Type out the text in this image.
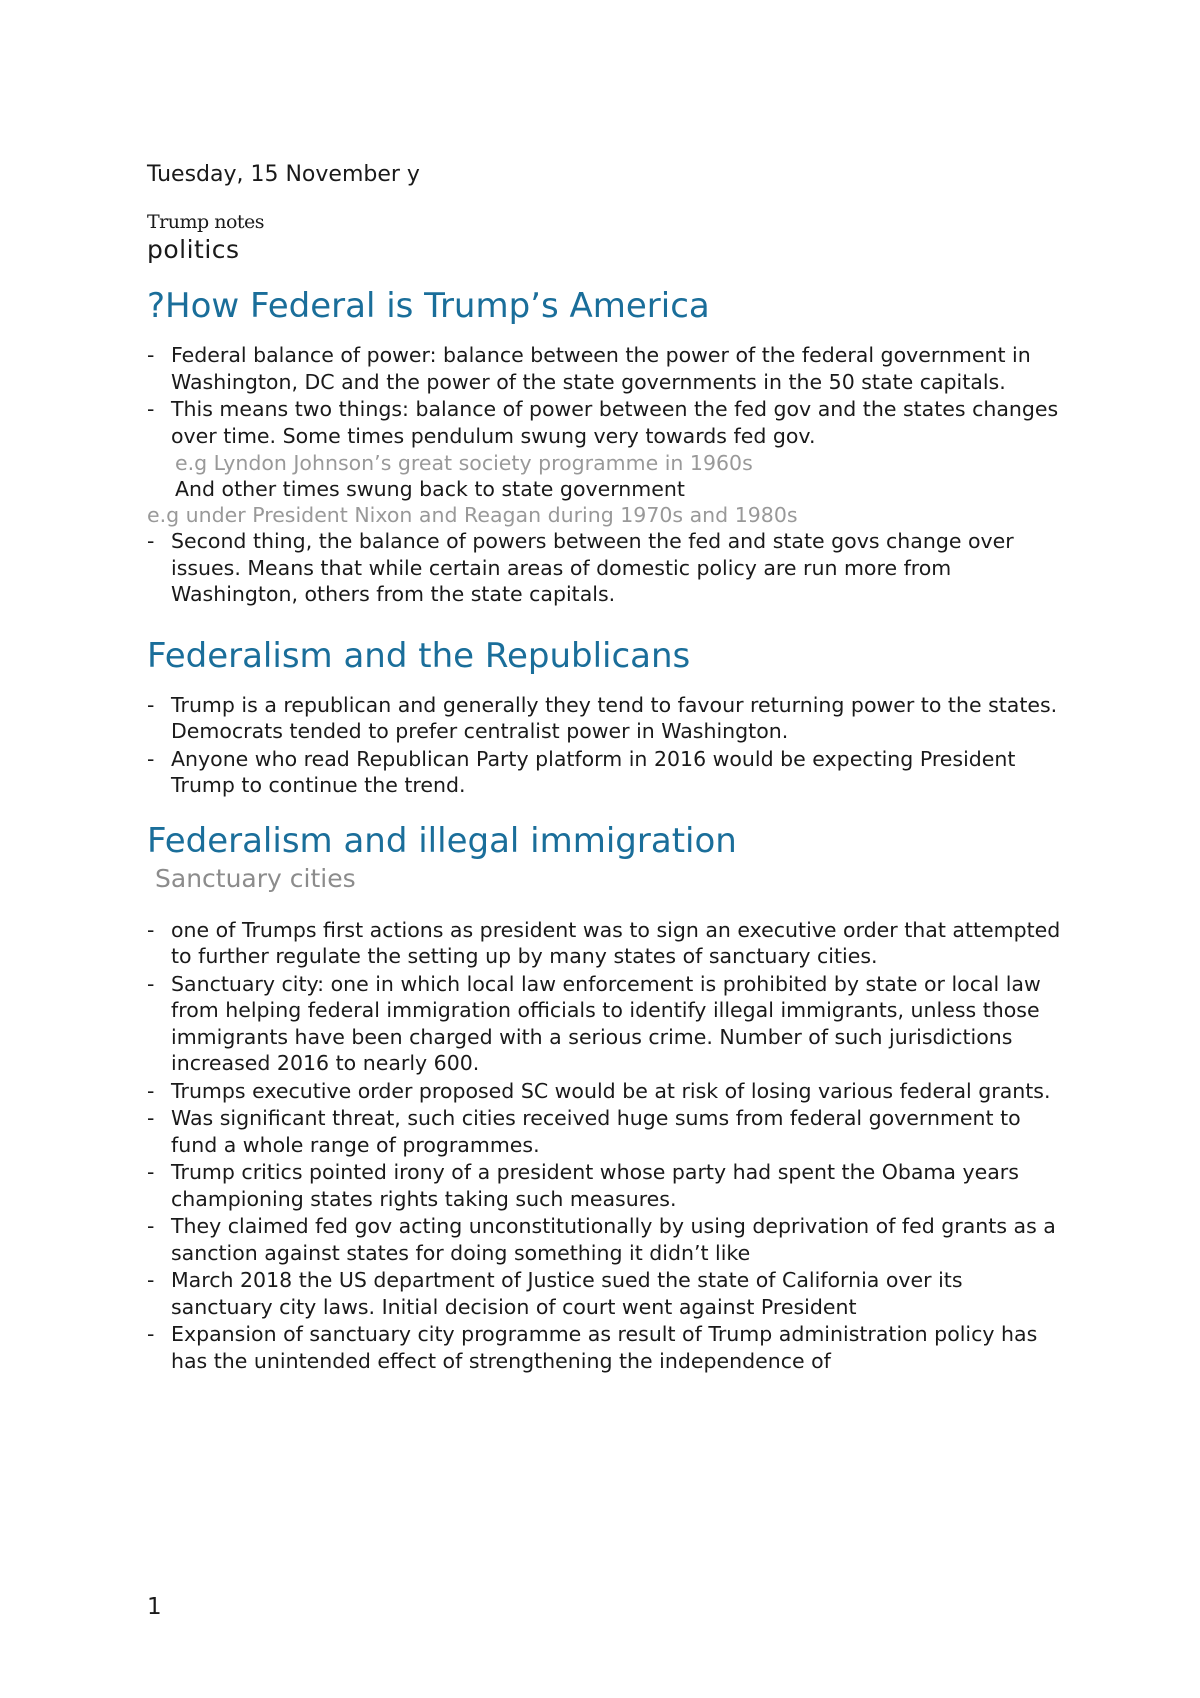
Tuesday, 15 November y
Trump notes
politics
?How Federal is Trump’s America
- Federal balance of power: balance between the power of the federal government in Washington, DC and the power of the state governments in the 50 state capitals.
- This means two things: balance of power between the fed gov and the states changes over time. Some times pendulum swung very towards fed gov.
e.g Lyndon Johnson’s great society programme in 1960s
And other times swung back to state government
e.g under President Nixon and Reagan during 1970s and 1980s
- Second thing, the balance of powers between the fed and state govs change over issues. Means that while certain areas of domestic policy are run more from Washington, others from the state capitals.
Federalism and the Republicans
- Trump is a republican and generally they tend to favour returning power to the states. Democrats tended to prefer centralist power in Washington.
- Anyone who read Republican Party platform in 2016 would be expecting President Trump to continue the trend.
Federalism and illegal immigration
Sanctuary cities
- one of Trumps first actions as president was to sign an executive order that attempted to further regulate the setting up by many states of sanctuary cities.
- Sanctuary city: one in which local law enforcement is prohibited by state or local law from helping federal immigration officials to identify illegal immigrants, unless those immigrants have been charged with a serious crime. Number of such jurisdictions increased 2016 to nearly 600.
- Trumps executive order proposed SC would be at risk of losing various federal grants.
- Was significant threat, such cities received huge sums from federal government to fund a whole range of programmes.
- Trump critics pointed irony of a president whose party had spent the Obama years championing states rights taking such measures.
- They claimed fed gov acting unconstitutionally by using deprivation of fed grants as a sanction against states for doing something it didn’t like
- March 2018 the US department of Justice sued the state of California over its sanctuary city laws. Initial decision of court went against President
- Expansion of sanctuary city programme as result of Trump administration policy has has the unintended effect of strengthening the independence of
1
